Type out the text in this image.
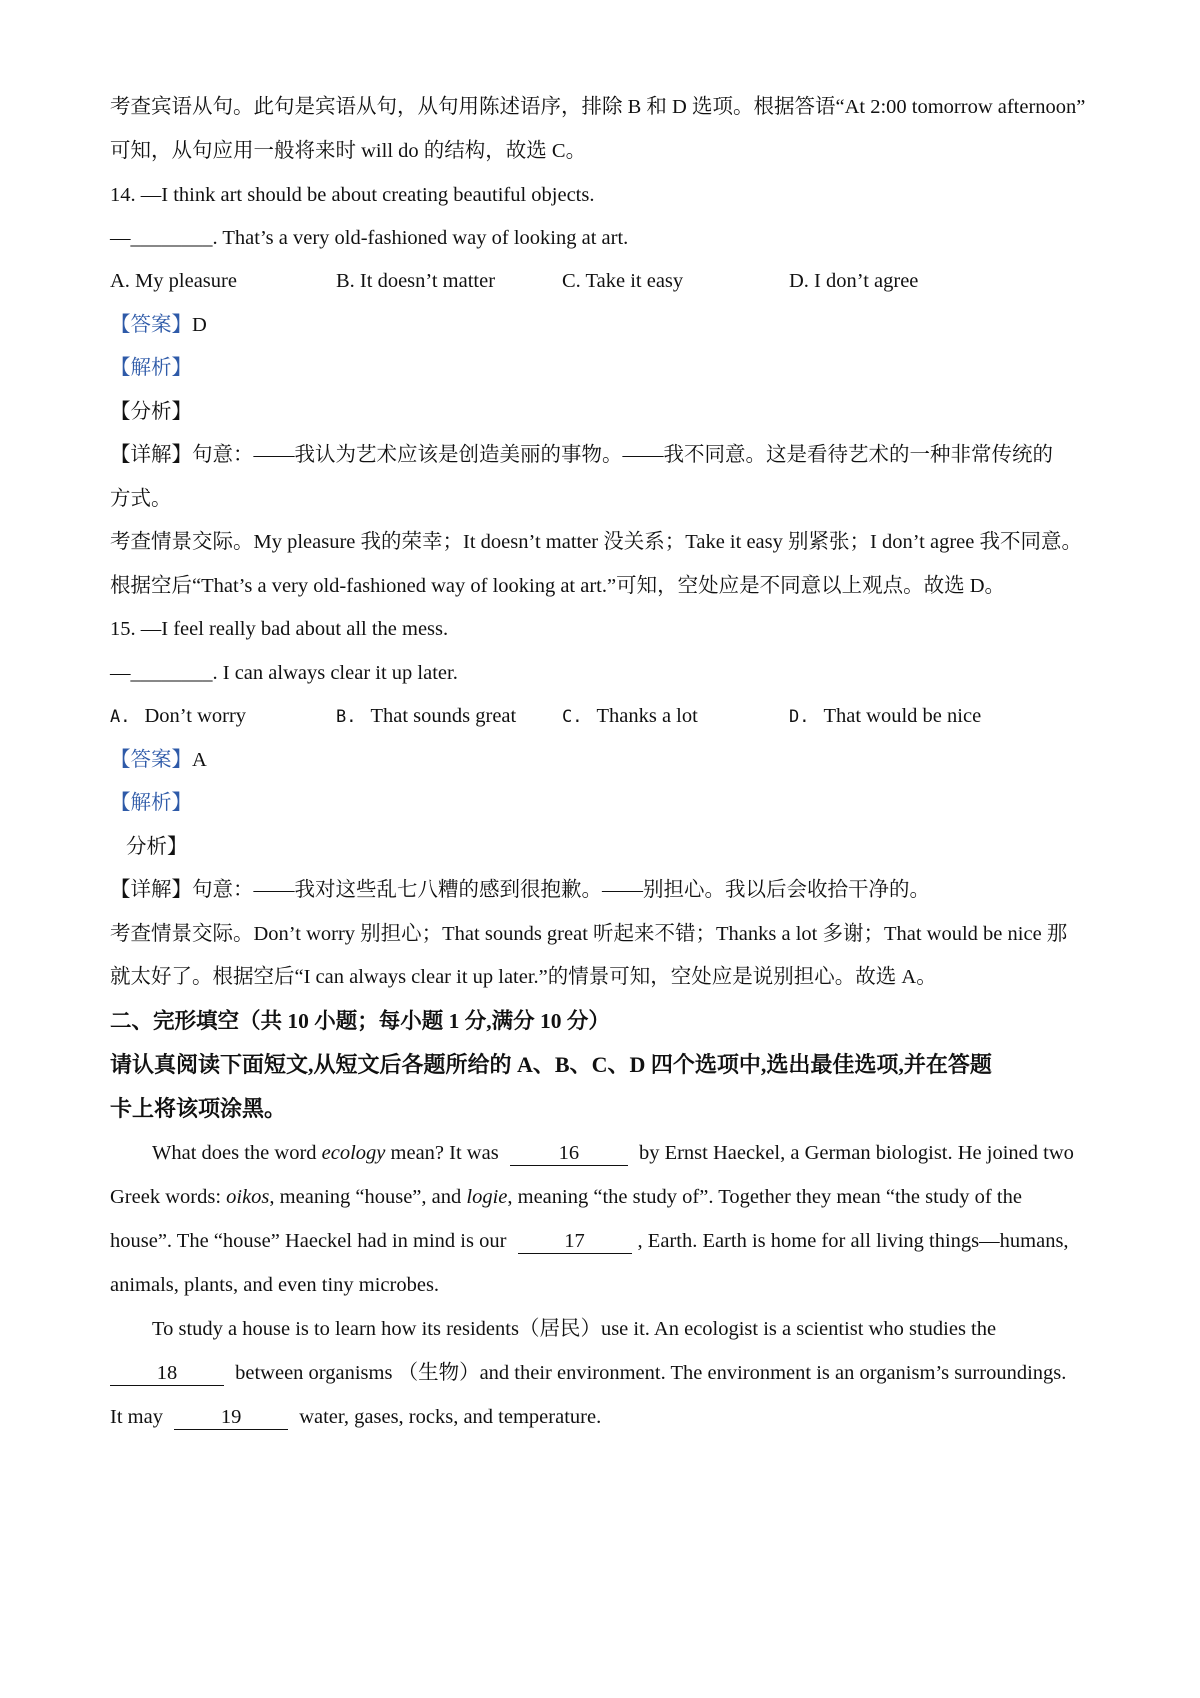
考查宾语从句。此句是宾语从句，从句用陈述语序，排除 B 和 D 选项。根据答语“At 2:00 tomorrow afternoon”
可知，从句应用一般将来时 will do 的结构，故选 C。
14. —I think art should be about creating beautiful objects.
—________. That’s a very old-fashioned way of looking at art.
A. My pleasure	B. It doesn’t matter	C. Take it easy	D. I don’t agree
【答案】D
【解析】
【分析】
【详解】句意：——我认为艺术应该是创造美丽的事物。——我不同意。这是看待艺术的一种非常传统的
方式。
考查情景交际。My pleasure 我的荣幸；It doesn’t matter 没关系；Take it easy 别紧张；I don’t agree 我不同意。
根据空后“That’s a very old-fashioned way of looking at art.”可知，空处应是不同意以上观点。故选 D。
15. —I feel really bad about all the mess.
—________. I can always clear it up later.
A. Don’t worry	B. That sounds great	C. Thanks a lot	D. That would be nice
【答案】A
【解析】
分析】
【详解】句意：——我对这些乱七八糟的感到很抱歉。——别担心。我以后会收拾干净的。
考查情景交际。Don’t worry 别担心；That sounds great 听起来不错；Thanks a lot 多谢；That would be nice 那
就太好了。根据空后“I can always clear it up later.”的情景可知，空处应是说别担心。故选 A。
二、完形填空（共 10 小题；每小题 1 分,满分 10 分）
请认真阅读下面短文,从短文后各题所给的 A、B、C、D 四个选项中,选出最佳选项,并在答题
卡上将该项涂黑。
What does the word ecology mean? It was	16	by Ernst Haeckel, a German biologist. He joined two
Greek words: oikos, meaning “house”, and logie, meaning “the study of”. Together they mean “the study of the
house”. The “house” Haeckel had in mind is our	17	, Earth. Earth is home for all living things—humans,
animals, plants, and even tiny microbes.
To study a house is to learn how its residents（居民）use it. An ecologist is a scientist who studies the
18	between organisms （生物）and their environment. The environment is an organism’s surroundings.
It may	19	water, gases, rocks, and temperature.
